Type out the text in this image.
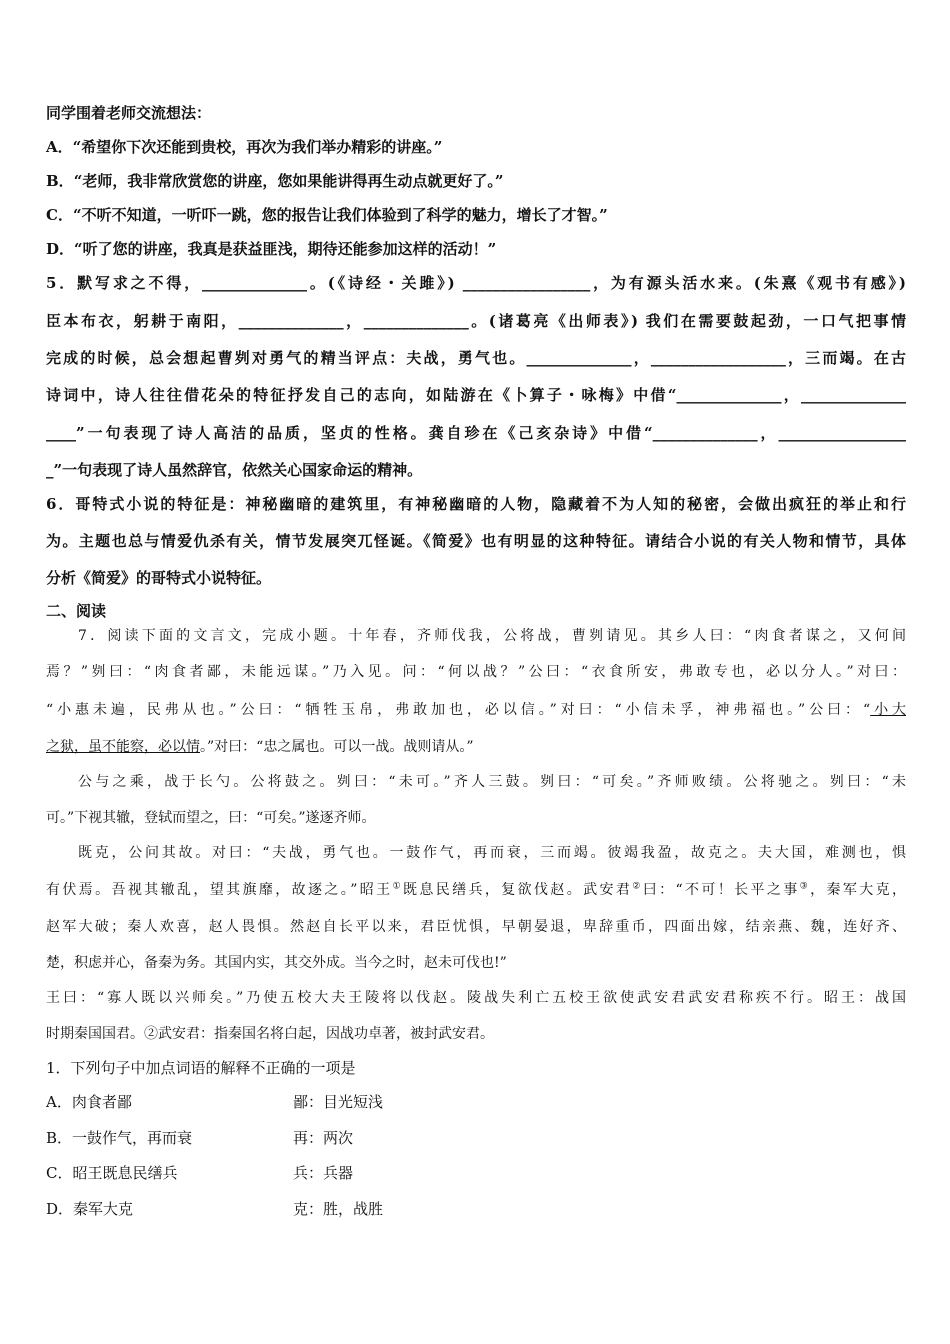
同学围着老师交流想法：
A．“希望你下次还能到贵校，再次为我们举办精彩的讲座。”
B．“老师，我非常欣赏您的讲座，您如果能讲得再生动点就更好了。”
C．“不听不知道，一听吓一跳，您的报告让我们体验到了科学的魅力，增长了才智。”
D．“听了您的讲座，我真是获益匪浅，期待还能参加这样的活动！”
5．默写求之不得，______________。(《诗经・关雎》) _________________，为有源头活水来。(朱熹《观书有感》)
臣本布衣，躬耕于南阳，______________，______________。(诸葛亮《出师表》) 我们在需要鼓起劲，一口气把事情
完成的时候，总会想起曹刿对勇气的精当评点：夫战，勇气也。______________，__________________，三而竭。在古
诗词中，诗人往往借花朵的特征抒发自己的志向，如陆游在《卜算子・咏梅》中借“______________，______________
____”一句表现了诗人高洁的品质，坚贞的性格。龚自珍在《己亥杂诗》中借“______________，_________________
_”一句表现了诗人虽然辞官，依然关心国家命运的精神。
6．哥特式小说的特征是：神秘幽暗的建筑里，有神秘幽暗的人物，隐藏着不为人知的秘密，会做出疯狂的举止和行
为。主题也总与情爱仇杀有关，情节发展突兀怪诞。《简爱》也有明显的这种特征。请结合小说的有关人物和情节，具体
分析《简爱》的哥特式小说特征。
二、阅读
7．阅读下面的文言文，完成小题。十年春，齐师伐我，公将战，曹刿请见。其乡人曰：“肉食者谋之，又何间
焉？”刿曰：“肉食者鄙，未能远谋。”乃入见。问：“何以战？”公曰：“衣食所安，弗敢专也，必以分人。”对曰：
“小惠未遍，民弗从也。”公曰：“牺牲玉帛，弗敢加也，必以信。”对曰：“小信未孚，神弗福也。”公曰：“小大
之狱，虽不能察，必以情。”对曰：“忠之属也。可以一战。战则请从。”
公与之乘，战于长勺。公将鼓之。刿曰：“未可。”齐人三鼓。刿曰：“可矣。”齐师败绩。公将驰之。刿曰：“未
可。”下视其辙，登轼而望之，曰：“可矣。”遂逐齐师。
既克，公问其故。对曰：“夫战，勇气也。一鼓作气，再而衰，三而竭。彼竭我盈，故克之。夫大国，难测也，惧
有伏焉。吾视其辙乱，望其旗靡，故逐之。”昭王①既息民缮兵，复欲伐赵。武安君②曰：“不可！长平之事③，秦军大克，
赵军大破；秦人欢喜，赵人畏惧。然赵自长平以来，君臣忧惧，早朝晏退，卑辞重币，四面出嫁，结亲燕、魏，连好齐、
楚，积虑并心，备秦为务。其国内实，其交外成。当今之时，赵未可伐也!”
王曰：“寡人既以兴师矣。”乃使五校大夫王陵将以伐赵。陵战失利亡五校王欲使武安君武安君称疾不行。昭王：战国
时期秦国国君。②武安君：指秦国名将白起，因战功卓著，被封武安君。
1．下列句子中加点词语的解释不正确的一项是
A．肉食者鄙	鄙：目光短浅
B．一鼓作气，再而衰	再：两次
C．昭王既息民缮兵	兵：兵器
D．秦军大克	克：胜，战胜
